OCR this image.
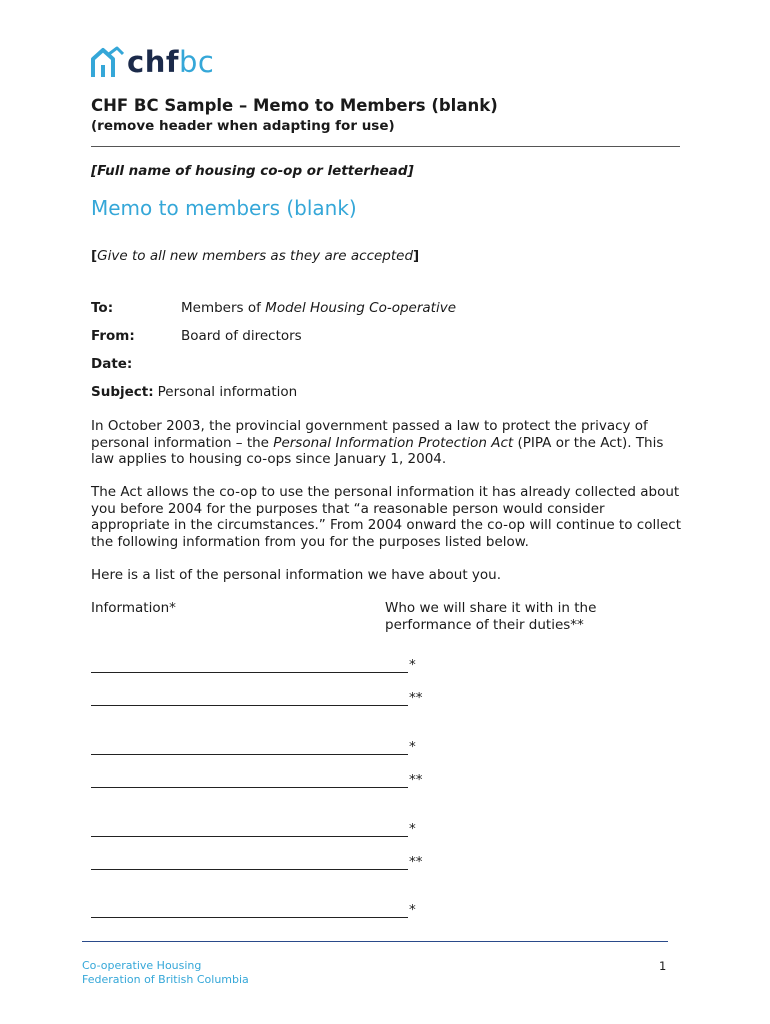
chfbc
CHF BC Sample – Memo to Members (blank)
(remove header when adapting for use)
[Full name of housing co-op or letterhead]
Memo to members (blank)
[Give to all new members as they are accepted]
To:	Members of Model Housing Co-operative
From:	Board of directors
Date:
Subject: Personal information
In October 2003, the provincial government passed a law to protect the privacy of personal information – the Personal Information Protection Act (PIPA or the Act). This law applies to housing co-ops since January 1, 2004.
The Act allows the co-op to use the personal information it has already collected about you before 2004 for the purposes that “a reasonable person would consider appropriate in the circumstances.” From 2004 onward the co-op will continue to collect the following information from you for the purposes listed below.
Here is a list of the personal information we have about you.
Information*	Who we will share it with in the performance of their duties**
*
**
*
**
*
**
*
Co-operative Housing
Federation of British Columbia
1
